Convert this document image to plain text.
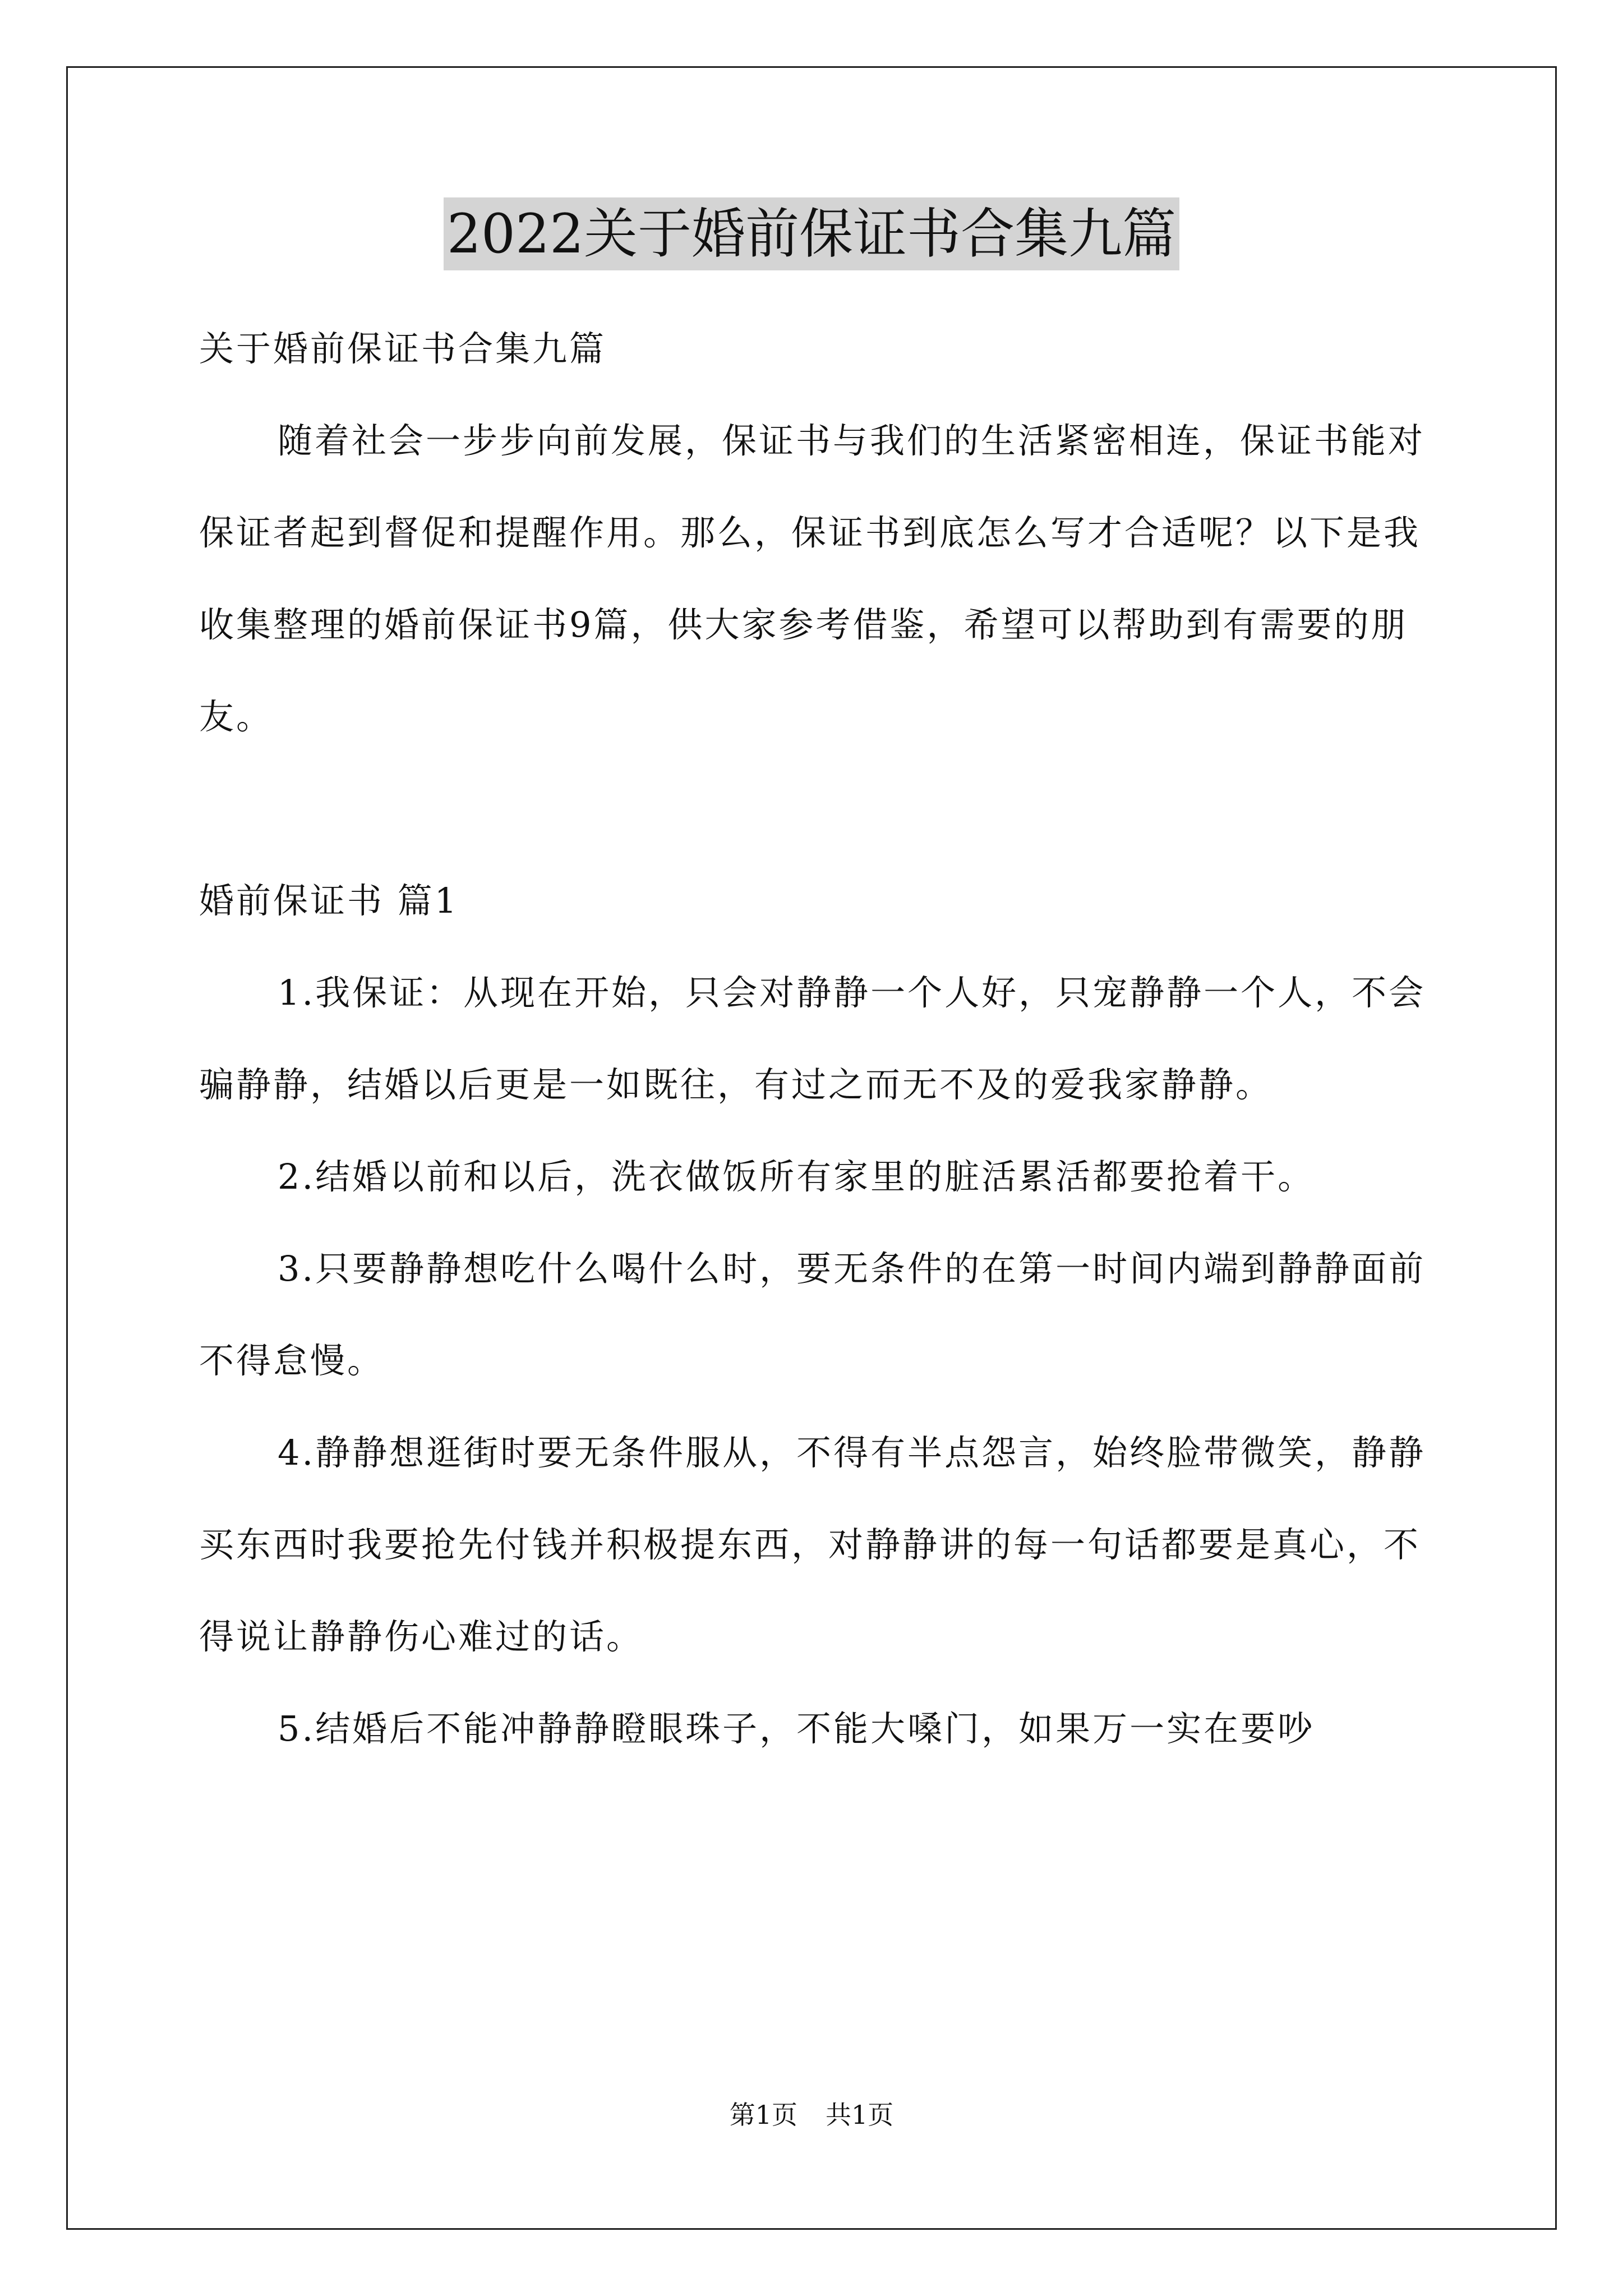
2022关于婚前保证书合集九篇

关于婚前保证书合集九篇

随着社会一步步向前发展，保证书与我们的生活紧密相连，保证书能对保证者起到督促和提醒作用。那么，保证书到底怎么写才合适呢？以下是我收集整理的婚前保证书9篇，供大家参考借鉴，希望可以帮助到有需要的朋友。

婚前保证书 篇1

1.我保证：从现在开始，只会对静静一个人好，只宠静静一个人，不会骗静静，结婚以后更是一如既往，有过之而无不及的爱我家静静。

2.结婚以前和以后，洗衣做饭所有家里的脏活累活都要抢着干。

3.只要静静想吃什么喝什么时，要无条件的在第一时间内端到静静面前不得怠慢。

4.静静想逛街时要无条件服从，不得有半点怨言，始终脸带微笑，静静买东西时我要抢先付钱并积极提东西，对静静讲的每一句话都要是真心，不得说让静静伤心难过的话。

5.结婚后不能冲静静瞪眼珠子，不能大嗓门，如果万一实在要吵

第1页 共1页
